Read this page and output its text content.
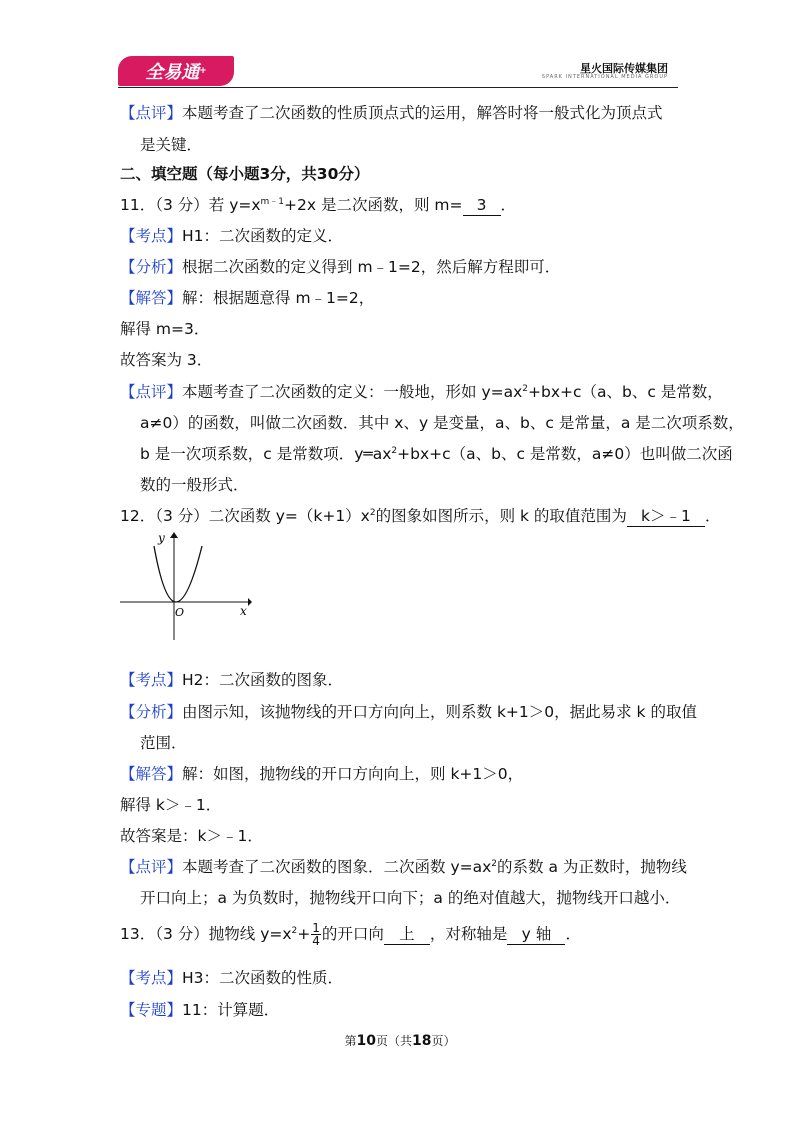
全易通 +	星火国际传媒集团
SPARK INTERNATIONAL MEDIA GROUP
【点评】本题考查了二次函数的性质顶点式的运用，解答时将一般式化为顶点式
是关键．
二、填空题（每小题3分，共30分）
11．（3 分）若 $y=x^{m﹣1}+2x$ 是二次函数，则 m= 3 ．
【考点】H1：二次函数的定义．
【分析】根据二次函数的定义得到 m﹣1=2，然后解方程即可．
【解答】解：根据题意得 m﹣1=2，
解得 m=3．
故答案为 3．
【点评】本题考查了二次函数的定义：一般地，形如 $y=ax^2+bx+c(a$、b、c 是常数，
a≠0）的函数，叫做二次函数．其中 x、y 是变量，a、b、c 是常量，a 是二次项系数，
b 是一次项系数，c 是常数项．$y═ax^2+bx+c(a$、b、c 是常数，a≠0）也叫做二次函
数的一般形式．
12．（3 分）二次函数 $y=(k+1)x^2$的图象如图所示，则 k 的取值范围为 k＞﹣1 ．
y
x
O
【考点】H2：二次函数的图象．
【分析】由图示知，该抛物线的开口方向向上，则系数 k+1＞0，据此易求 k 的取值
范围．
【解答】解：如图，抛物线的开口方向向上，则 k+1＞0，
解得 k＞﹣1．
故答案是：k＞﹣1．
【点评】本题考查了二次函数的图象．二次函数 $y=ax^2$的系数 a 为正数时，抛物线
开口向上；a 为负数时，抛物线开口向下；a 的绝对值越大，抛物线开口越小．
13．（3 分）抛物线 $y=x^2+ \frac{1}{4}$ 的开口向 上 ，对称轴是 y 轴 ．
【考点】H3：二次函数的性质．
【专题】11：计算题．
第10页（共18页）
